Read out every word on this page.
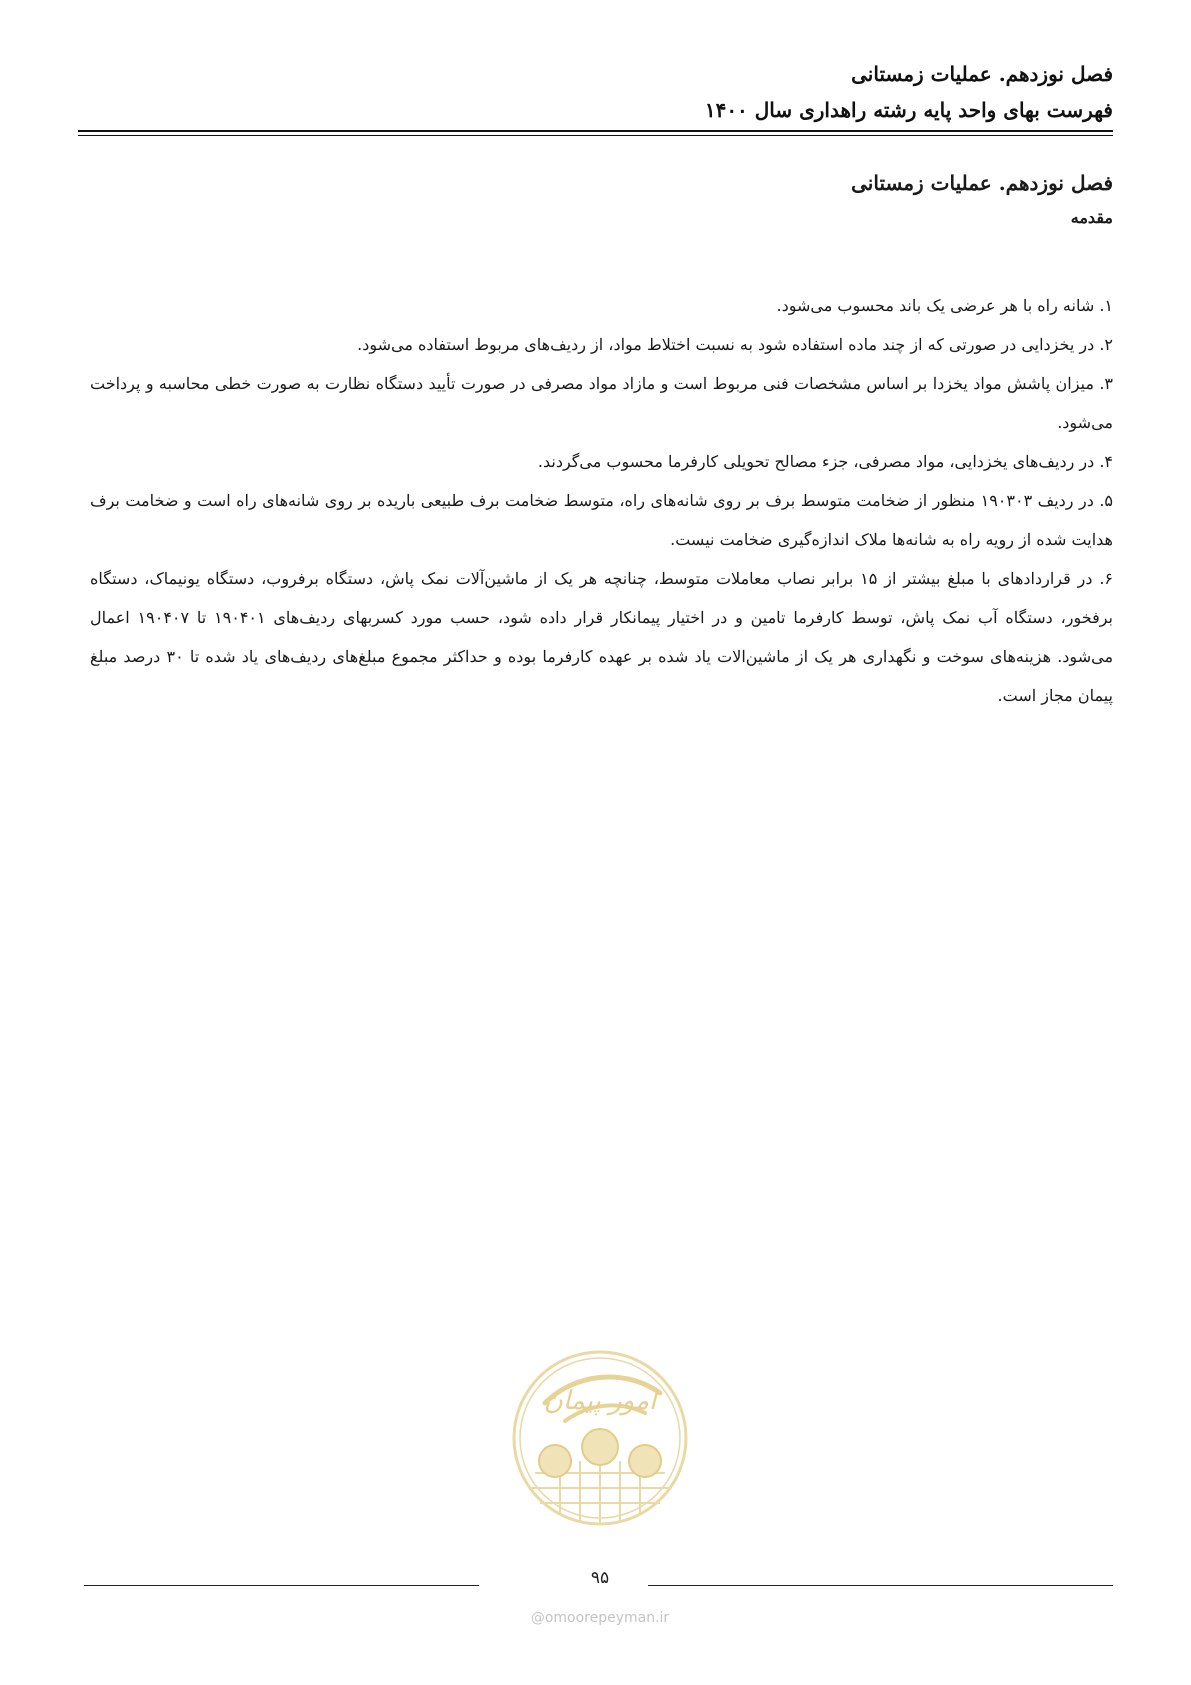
فصل نوزدهم. عملیات زمستانی
فهرست بهای واحد پایه رشته راهداری سال ۱۴۰۰
فصل نوزدهم. عملیات زمستانی
مقدمه

۱. شانه راه با هر عرضی یک باند محسوب می‌شود.

۲. در یخزدایی در صورتی که از چند ماده استفاده شود به نسبت اختلاط مواد، از ردیف‌های مربوط استفاده می‌شود.

۳. میزان پاشش مواد یخزدا بر اساس مشخصات فنی مربوط است و مازاد مواد مصرفی در صورت تأیید دستگاه نظارت به صورت خطی محاسبه و پرداخت می‌شود.

۴. در ردیف‌های یخزدایی، مواد مصرفی، جزء مصالح تحویلی کارفرما محسوب می‌گردند.

۵. در ردیف ۱۹۰۳۰۳ منظور از ضخامت متوسط برف بر روی شانه‌های راه، متوسط ضخامت برف طبیعی باریده بر روی شانه‌های راه است و ضخامت برف هدایت شده از رویه راه به شانه‌ها ملاک اندازه‌گیری ضخامت نیست.

۶. در قراردادهای با مبلغ بیشتر از ۱۵ برابر نصاب معاملات متوسط، چنانچه هر یک از ماشین‌آلات نمک پاش، دستگاه برفروب، دستگاه یونیماک، دستگاه برفخور، دستگاه آب نمک پاش، توسط کارفرما تامین و در اختیار پیمانکار قرار داده شود، حسب مورد کسربهای ردیف‌های ۱۹۰۴۰۱ تا ۱۹۰۴۰۷ اعمال می‌شود. هزینه‌های سوخت و نگهداری هر یک از ماشین‌الات یاد شده بر عهده کارفرما بوده و حداکثر مجموع مبلغ‌های ردیف‌های یاد شده تا ۳۰ درصد مبلغ پیمان مجاز است.

امور پیمان
۹۵
@omoorepeyman.ir
